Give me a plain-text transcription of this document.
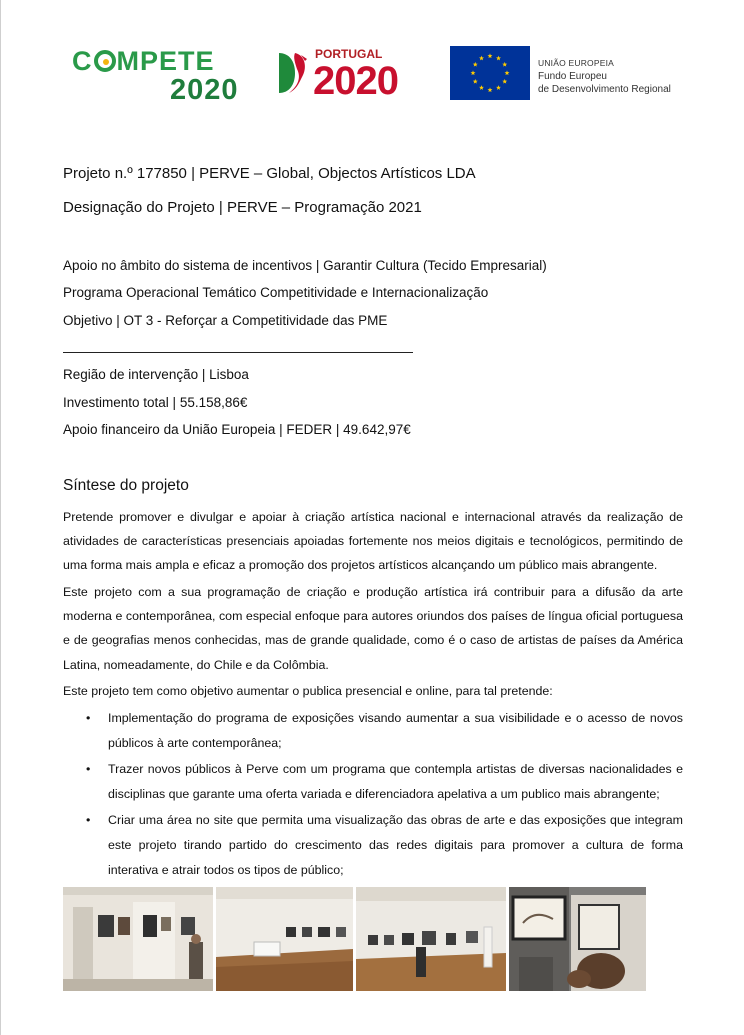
C MPETE
2020
PORTUGAL
2020	UNIÃO EUROPEIA
Fundo Europeu
de Desenvolvimento Regional

Projeto n.º 177850 | PERVE – Global, Objectos Artísticos LDA

Designação do Projeto | PERVE – Programação 2021

Apoio no âmbito do sistema de incentivos | Garantir Cultura (Tecido Empresarial)

Programa Operacional Temático Competitividade e Internacionalização

Objetivo | OT 3 - Reforçar a Competitividade das PME

Região de intervenção | Lisboa

Investimento total | 55.158,86€

Apoio financeiro da União Europeia | FEDER | 49.642,97€

Síntese do projeto

Pretende promover e divulgar e apoiar à criação artística nacional e internacional através da realização de atividades de características presenciais apoiadas fortemente nos meios digitais e tecnológicos, permitindo de uma forma mais ampla e eficaz a promoção dos projetos artísticos alcançando um público mais abrangente.

Este projeto com a sua programação de criação e produção artística irá contribuir para a difusão da arte moderna e contemporânea, com especial enfoque para autores oriundos dos países de língua oficial portuguesa e de geografias menos conhecidas, mas de grande qualidade, como é o caso de artistas de países da América Latina, nomeadamente, do Chile e da Colômbia.

Este projeto tem como objetivo aumentar o publica presencial e online, para tal pretende:

• Implementação do programa de exposições visando aumentar a sua visibilidade e o acesso de novos públicos à arte contemporânea;
• Trazer novos públicos à Perve com um programa que contempla artistas de diversas nacionalidades e disciplinas que garante uma oferta variada e diferenciadora apelativa a um publico mais abrangente;
• Criar uma área no site que permita uma visualização das obras de arte e das exposições que integram este projeto tirando partido do crescimento das redes digitais para promover a cultura de forma interativa e atrair todos os tipos de público;
